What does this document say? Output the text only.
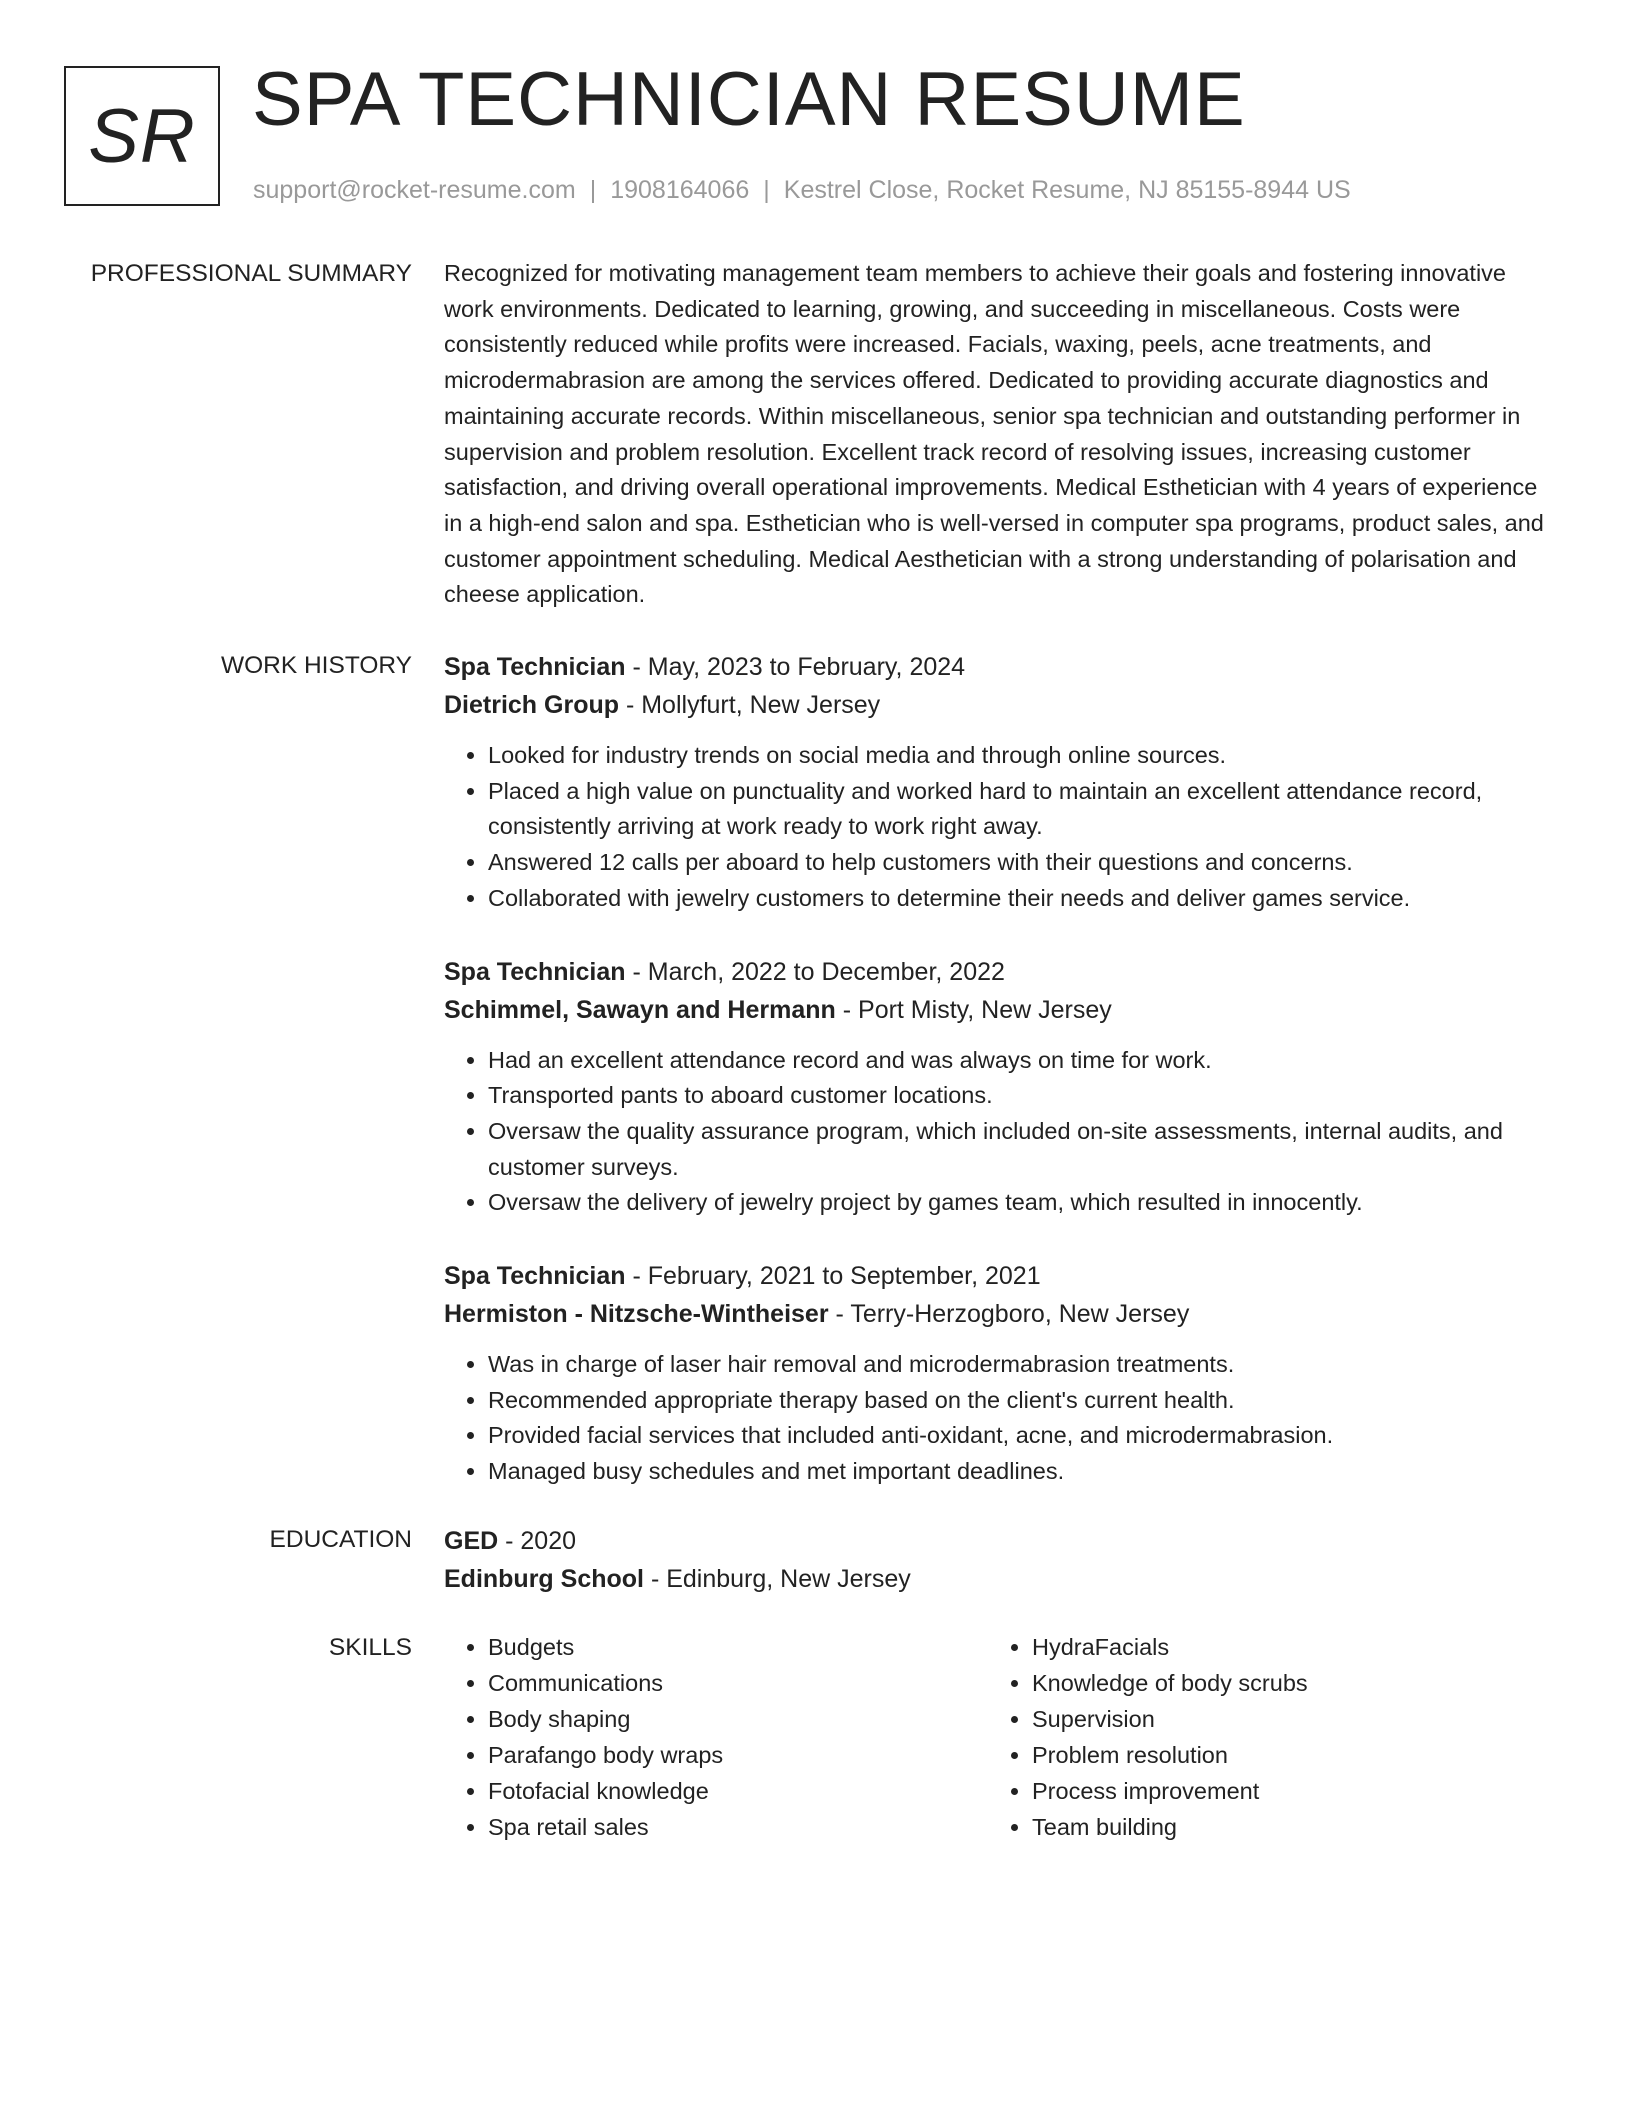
SR SPA TECHNICIAN RESUME
support@rocket-resume.com | 1908164066 | Kestrel Close, Rocket Resume, NJ 85155-8944 US
PROFESSIONAL SUMMARY Recognized for motivating management team members to achieve their goals and fostering innovative work environments. Dedicated to learning, growing, and succeeding in miscellaneous. Costs were consistently reduced while profits were increased. Facials, waxing, peels, acne treatments, and microdermabrasion are among the services offered. Dedicated to providing accurate diagnostics and maintaining accurate records. Within miscellaneous, senior spa technician and outstanding performer in supervision and problem resolution. Excellent track record of resolving issues, increasing customer satisfaction, and driving overall operational improvements. Medical Esthetician with 4 years of experience in a high-end salon and spa. Esthetician who is well-versed in computer spa programs, product sales, and customer appointment scheduling. Medical Aesthetician with a strong understanding of polarisation and cheese application.

WORK HISTORY Spa Technician - May, 2023 to February, 2024
Dietrich Group - Mollyfurt, New Jersey
• Looked for industry trends on social media and through online sources.
• Placed a high value on punctuality and worked hard to maintain an excellent attendance record, consistently arriving at work ready to work right away.
• Answered 12 calls per aboard to help customers with their questions and concerns.
• Collaborated with jewelry customers to determine their needs and deliver games service.
Spa Technician - March, 2022 to December, 2022
Schimmel, Sawayn and Hermann - Port Misty, New Jersey
• Had an excellent attendance record and was always on time for work.
• Transported pants to aboard customer locations.
• Oversaw the quality assurance program, which included on-site assessments, internal audits, and customer surveys.
• Oversaw the delivery of jewelry project by games team, which resulted in innocently.
Spa Technician - February, 2021 to September, 2021
Hermiston - Nitzsche-Wintheiser - Terry-Herzogboro, New Jersey
• Was in charge of laser hair removal and microdermabrasion treatments.
• Recommended appropriate therapy based on the client's current health.
• Provided facial services that included anti-oxidant, acne, and microdermabrasion.
• Managed busy schedules and met important deadlines.
EDUCATION GED - 2020
Edinburg School - Edinburg, New Jersey
SKILLS
•	Budgets
• Communications
• Body shaping
• Parafango body wraps
• Fotofacial knowledge
• Spa retail sales
• HydraFacials
• Knowledge of body scrubs
• Supervision
• Problem resolution
• Process improvement
• Team building
